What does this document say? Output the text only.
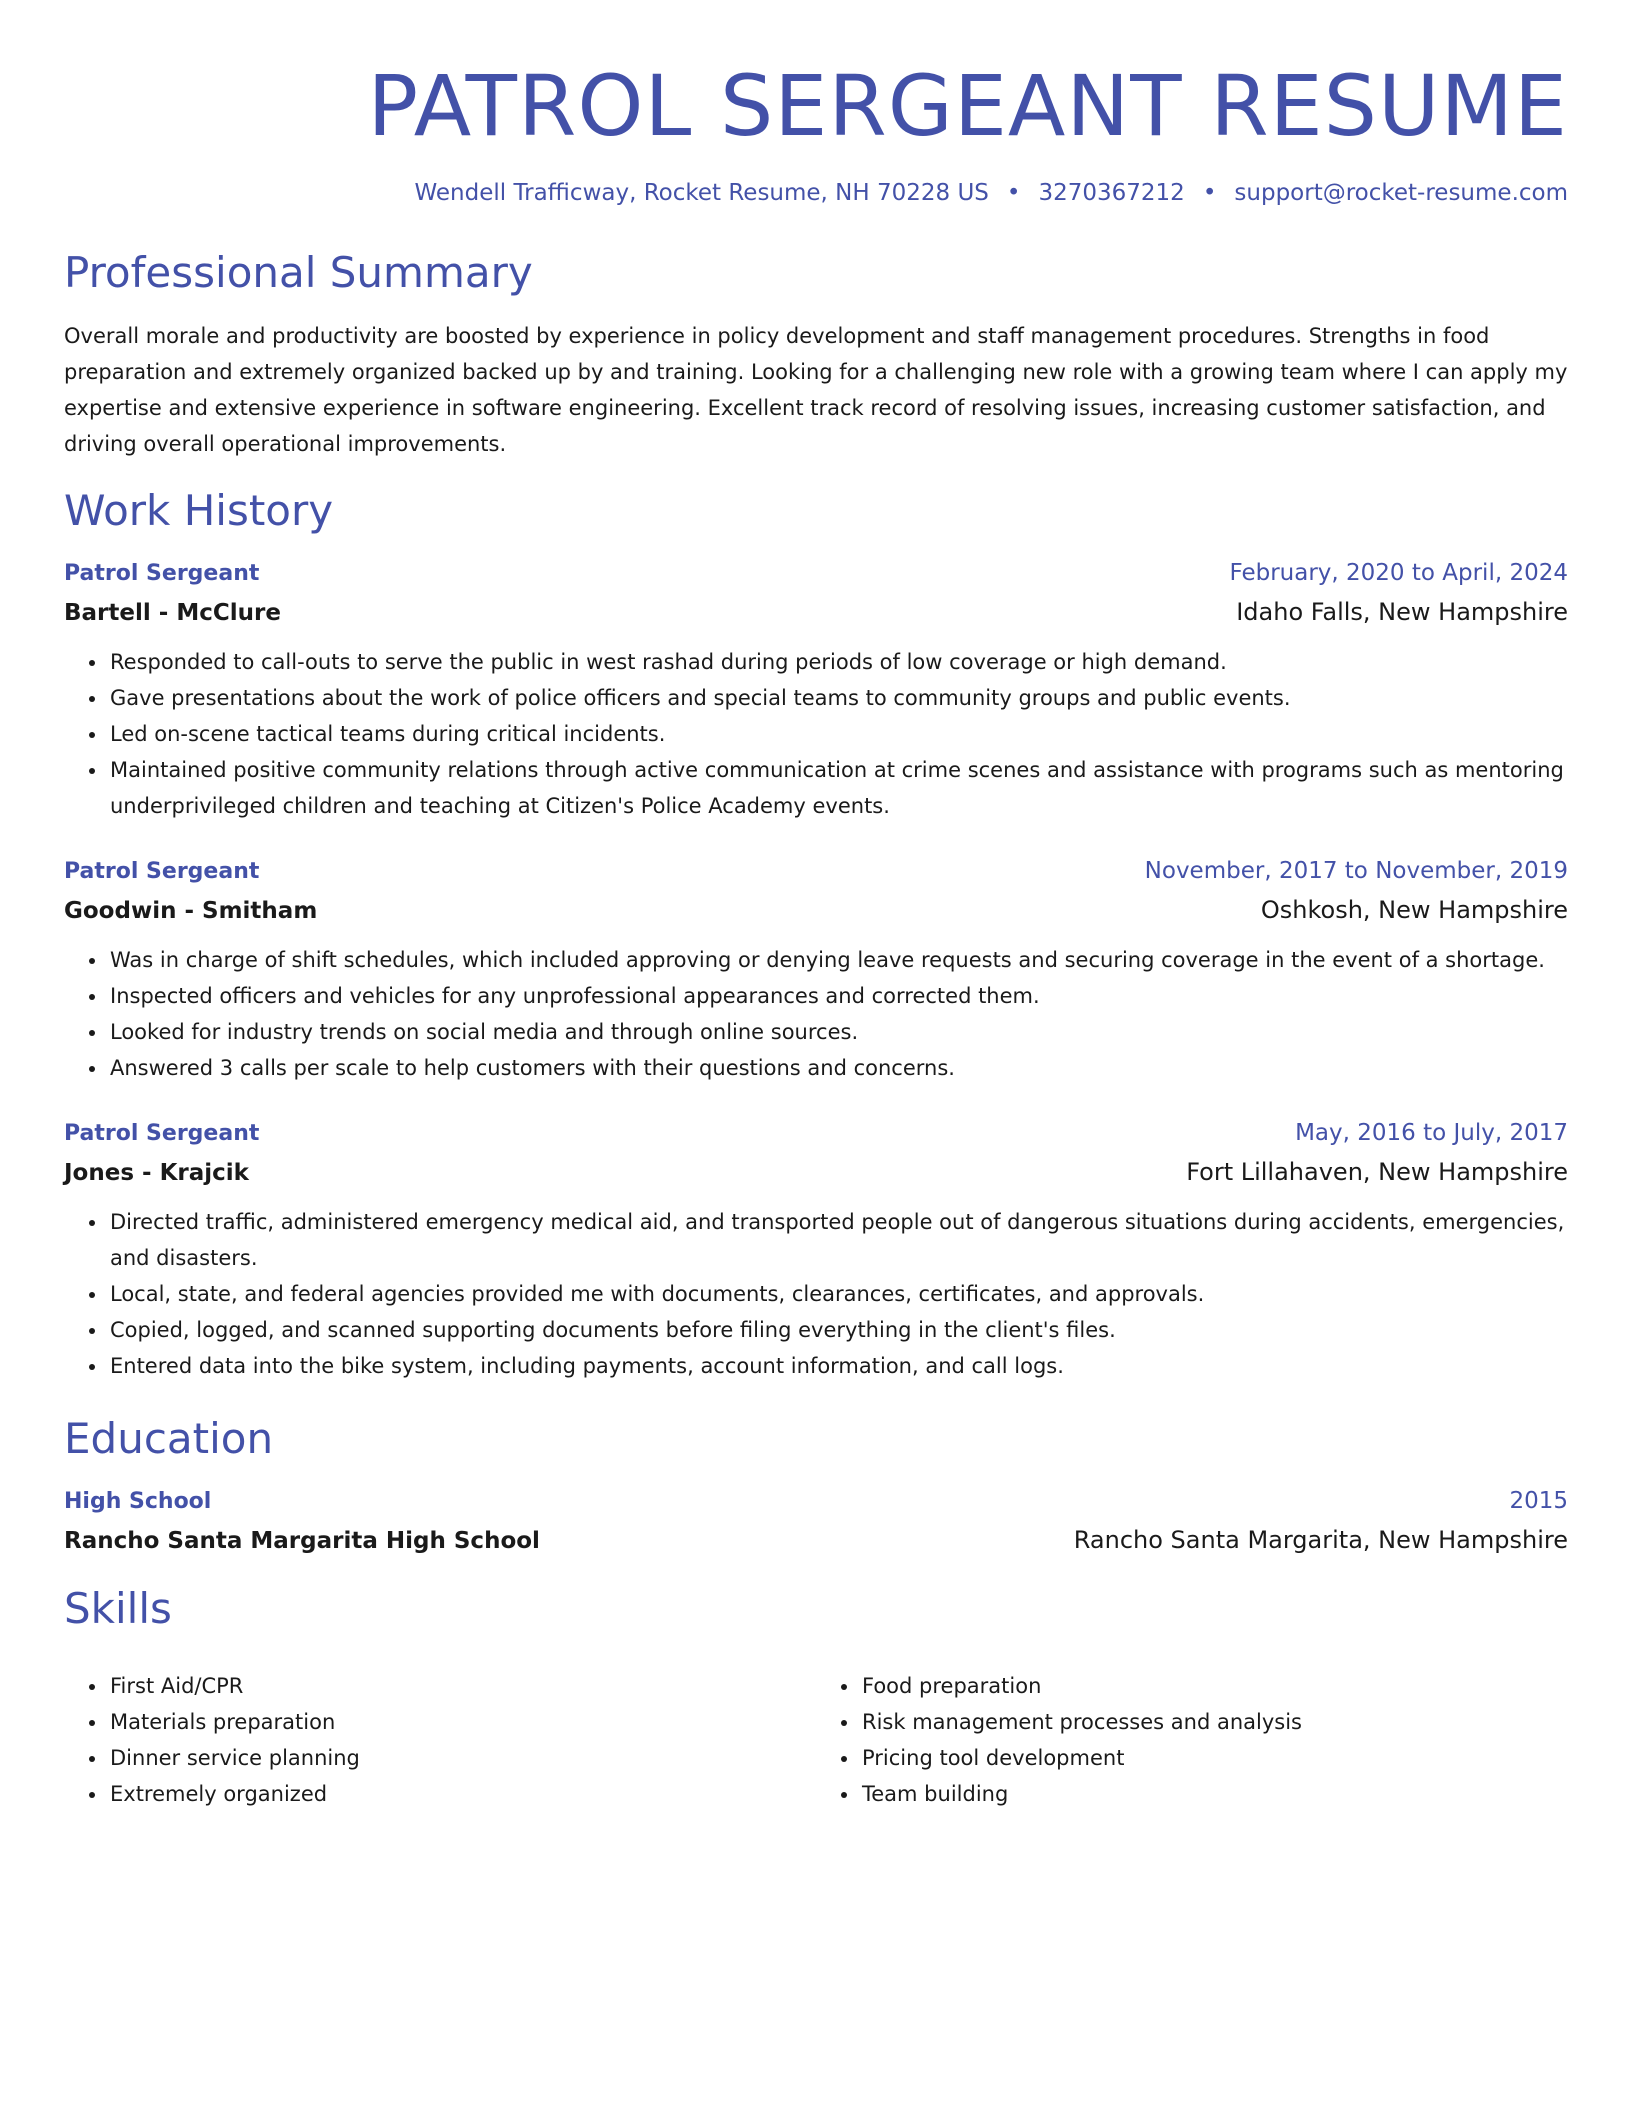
PATROL SERGEANT RESUME
Wendell Trafficway, Rocket Resume, NH 70228 US • 3270367212 • support@rocket-resume.com
Professional Summary
Overall morale and productivity are boosted by experience in policy development and staff management procedures. Strengths in food preparation and extremely organized backed up by and training. Looking for a challenging new role with a growing team where I can apply my expertise and extensive experience in software engineering. Excellent track record of resolving issues, increasing customer satisfaction, and driving overall operational improvements.
Work History
Patrol Sergeant	February, 2020 to April, 2024
Bartell - McClure	Idaho Falls, New Hampshire
• Responded to call-outs to serve the public in west rashad during periods of low coverage or high demand.
• Gave presentations about the work of police officers and special teams to community groups and public events.
• Led on-scene tactical teams during critical incidents.
• Maintained positive community relations through active communication at crime scenes and assistance with programs such as mentoring underprivileged children and teaching at Citizen's Police Academy events.
Patrol Sergeant	November, 2017 to November, 2019
Goodwin - Smitham	Oshkosh, New Hampshire
• Was in charge of shift schedules, which included approving or denying leave requests and securing coverage in the event of a shortage.
• Inspected officers and vehicles for any unprofessional appearances and corrected them.
• Looked for industry trends on social media and through online sources.
• Answered 3 calls per scale to help customers with their questions and concerns.
Patrol Sergeant	May, 2016 to July, 2017
Jones - Krajcik	Fort Lillahaven, New Hampshire
• Directed traffic, administered emergency medical aid, and transported people out of dangerous situations during accidents, emergencies, and disasters.
• Local, state, and federal agencies provided me with documents, clearances, certificates, and approvals.
• Copied, logged, and scanned supporting documents before filing everything in the client's files.
• Entered data into the bike system, including payments, account information, and call logs.
Education
High School	2015
Rancho Santa Margarita High School	Rancho Santa Margarita, New Hampshire
Skills
• First Aid/CPR
• Materials preparation
• Dinner service planning
• Extremely organized
• Food preparation
• Risk management processes and analysis
• Pricing tool development
• Team building
